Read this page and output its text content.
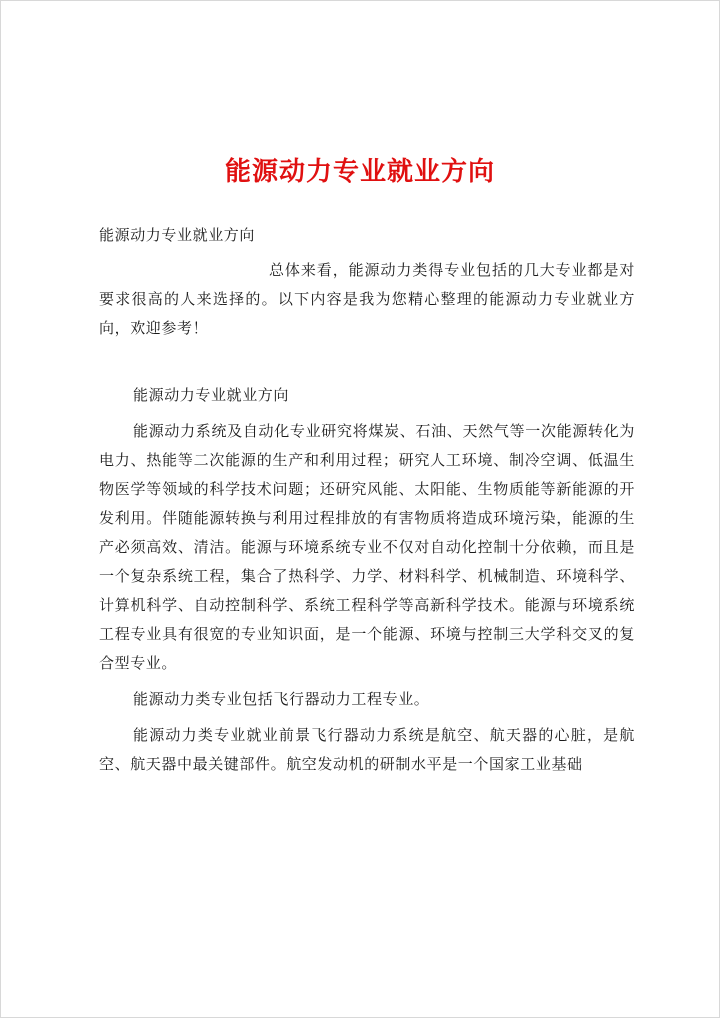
能源动力专业就业方向

能源动力专业就业方向

总体来看，能源动力类得专业包括的几大专业都是对要求很高的人来选择的。以下内容是我为您精心整理的能源动力专业就业方向，欢迎参考！

能源动力专业就业方向

能源动力系统及自动化专业研究将煤炭、石油、天然气等一次能源转化为电力、热能等二次能源的生产和利用过程；研究人工环境、制冷空调、低温生物医学等领域的科学技术问题；还研究风能、太阳能、生物质能等新能源的开发利用。伴随能源转换与利用过程排放的有害物质将造成环境污染，能源的生产必须高效、清洁。能源与环境系统专业不仅对自动化控制十分依赖，而且是一个复杂系统工程，集合了热科学、力学、材料科学、机械制造、环境科学、计算机科学、自动控制科学、系统工程科学等高新科学技术。能源与环境系统工程专业具有很宽的专业知识面，是一个能源、环境与控制三大学科交叉的复合型专业。

能源动力类专业包括飞行器动力工程专业。

能源动力类专业就业前景飞行器动力系统是航空、航天器的心脏，是航空、航天器中最关键部件。航空发动机的研制水平是一个国家工业基础
